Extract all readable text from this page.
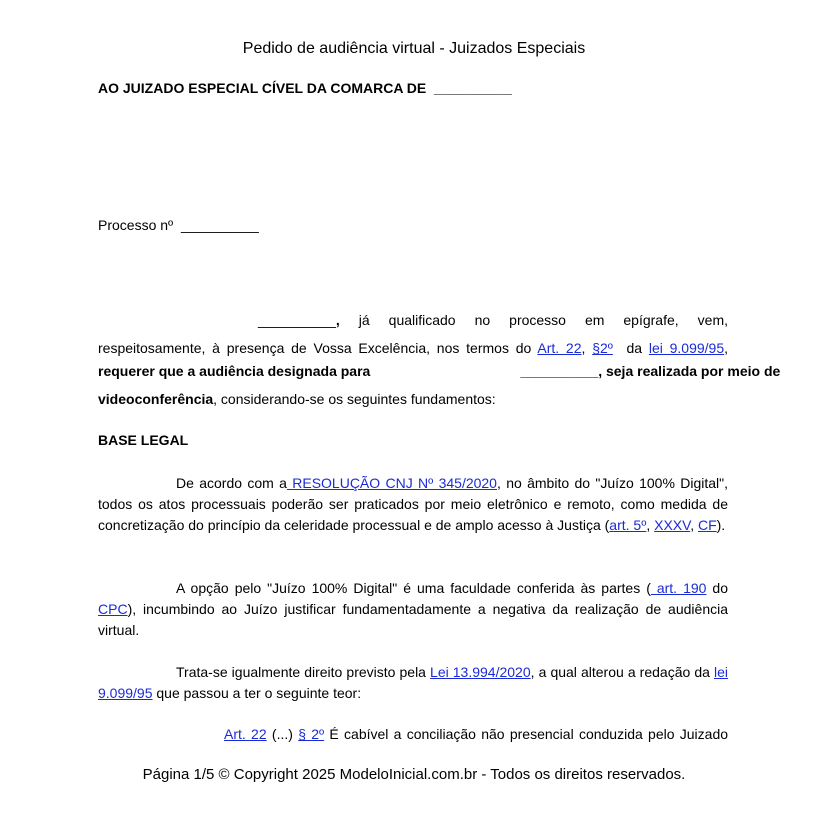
Pedido de audiência virtual - Juizados Especiais
AO JUIZADO ESPECIAL CÍVEL DA COMARCA DE __________
Processo nº __________
__________, já qualificado no processo em epígrafe, vem,
respeitosamente, à presença de Vossa Excelência, nos termos do Art. 22, §2º da lei 9.099/95,
requerer que a audiência designada para	__________, seja realizada por meio de
videoconferência, considerando-se os seguintes fundamentos:
BASE LEGAL
De acordo com a RESOLUÇÃO CNJ Nº 345/2020, no âmbito do "Juízo 100% Digital", todos os atos processuais poderão ser praticados por meio eletrônico e remoto, como medida de concretização do princípio da celeridade processual e de amplo acesso à Justiça (art. 5º, XXXV, CF).
A opção pelo "Juízo 100% Digital" é uma faculdade conferida às partes ( art. 190 do CPC), incumbindo ao Juízo justificar fundamentadamente a negativa da realização de audiência virtual.
Trata-se igualmente direito previsto pela Lei 13.994/2020, a qual alterou a redação da lei 9.099/95 que passou a ter o seguinte teor:
Art. 22 (...) § 2º É cabível a conciliação não presencial conduzida pelo Juizado
Página 1/5 © Copyright 2025 ModeloInicial.com.br - Todos os direitos reservados.
